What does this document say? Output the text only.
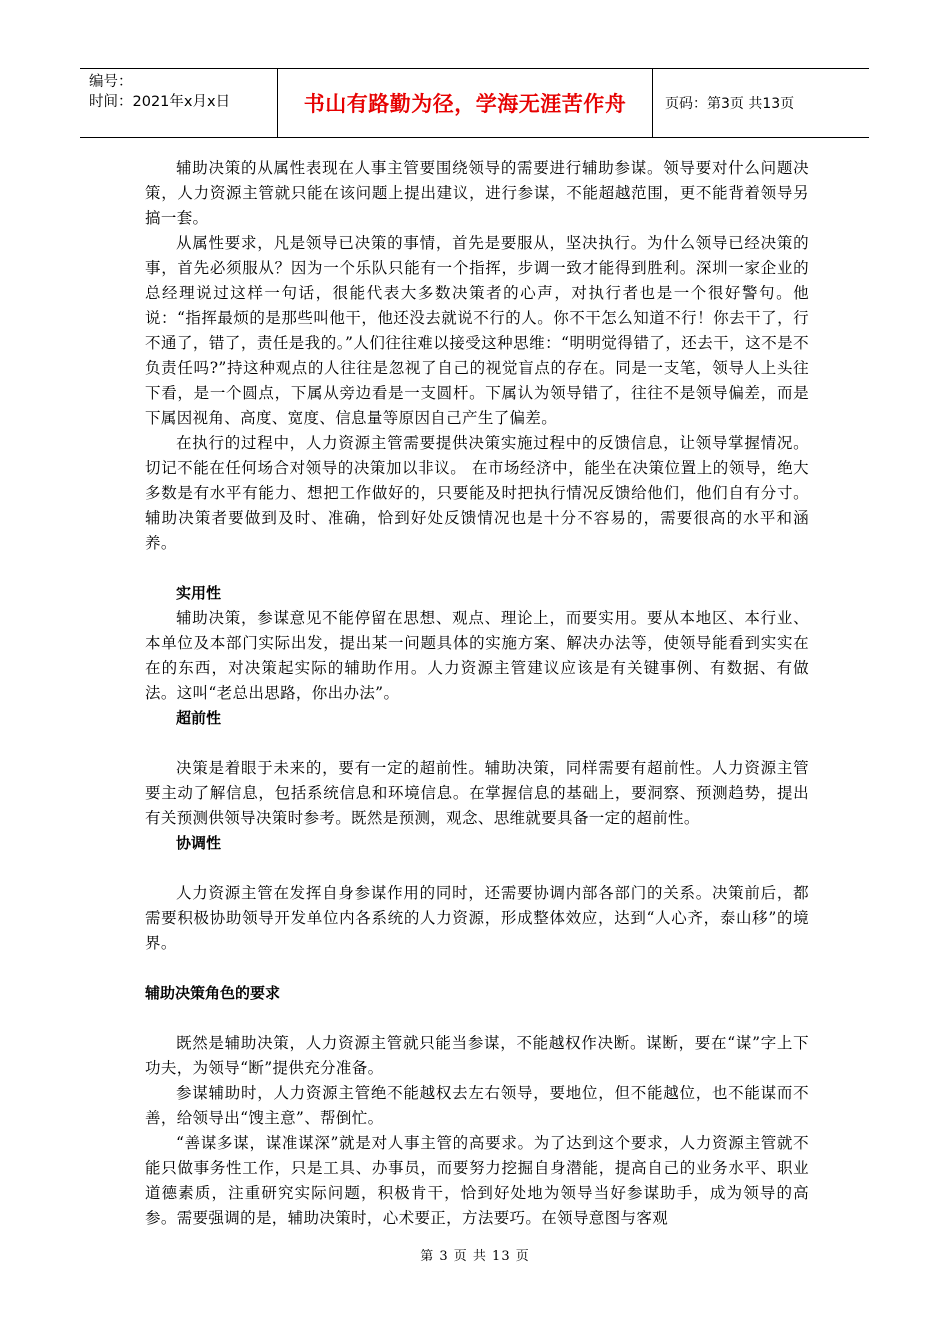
编号：
时间：2021年x月x日	书山有路勤为径，学海无涯苦作舟	页码：第3页 共13页

辅助决策的从属性表现在人事主管要围绕领导的需要进行辅助参谋。领导要对什么问题决策，人力资源主管就只能在该问题上提出建议，进行参谋，不能超越范围，更不能背着领导另搞一套。

从属性要求，凡是领导已决策的事情，首先是要服从，坚决执行。为什么领导已经决策的事，首先必须服从？因为一个乐队只能有一个指挥，步调一致才能得到胜利。深圳一家企业的总经理说过这样一句话，很能代表大多数决策者的心声，对执行者也是一个很好警句。他说：“指挥最烦的是那些叫他干，他还没去就说不行的人。你不干怎么知道不行！你去干了，行不通了，错了，责任是我的。”人们往往难以接受这种思维：“明明觉得错了，还去干，这不是不负责任吗?”持这种观点的人往往是忽视了自己的视觉盲点的存在。同是一支笔，领导人上头往下看，是一个圆点，下属从旁边看是一支圆杆。下属认为领导错了，往往不是领导偏差，而是下属因视角、高度、宽度、信息量等原因自己产生了偏差。

在执行的过程中，人力资源主管需要提供决策实施过程中的反馈信息，让领导掌握情况。切记不能在任何场合对领导的决策加以非议。 在市场经济中，能坐在决策位置上的领导，绝大多数是有水平有能力、想把工作做好的，只要能及时把执行情况反馈给他们，他们自有分寸。辅助决策者要做到及时、准确，恰到好处反馈情况也是十分不容易的，需要很高的水平和涵养。

实用性

辅助决策，参谋意见不能停留在思想、观点、理论上，而要实用。要从本地区、本行业、本单位及本部门实际出发，提出某一问题具体的实施方案、解决办法等，使领导能看到实实在在的东西，对决策起实际的辅助作用。人力资源主管建议应该是有关键事例、有数据、有做法。这叫“老总出思路，你出办法”。

超前性

决策是着眼于未来的，要有一定的超前性。辅助决策，同样需要有超前性。人力资源主管要主动了解信息，包括系统信息和环境信息。在掌握信息的基础上，要洞察、预测趋势，提出有关预测供领导决策时参考。既然是预测，观念、思维就要具备一定的超前性。

协调性

人力资源主管在发挥自身参谋作用的同时，还需要协调内部各部门的关系。决策前后，都需要积极协助领导开发单位内各系统的人力资源，形成整体效应，达到“人心齐，泰山移”的境界。

辅助决策角色的要求

既然是辅助决策，人力资源主管就只能当参谋，不能越权作决断。谋断，要在“谋”字上下功夫，为领导“断”提供充分准备。

参谋辅助时，人力资源主管绝不能越权去左右领导，要地位，但不能越位，也不能谋而不善，给领导出“馊主意”、帮倒忙。

“善谋多谋，谋准谋深”就是对人事主管的高要求。为了达到这个要求，人力资源主管就不能只做事务性工作，只是工具、办事员，而要努力挖掘自身潜能，提高自己的业务水平、职业道德素质，注重研究实际问题，积极肯干，恰到好处地为领导当好参谋助手，成为领导的高参。需要强调的是，辅助决策时，心术要正，方法要巧。在领导意图与客观

第 3 页 共 13 页
